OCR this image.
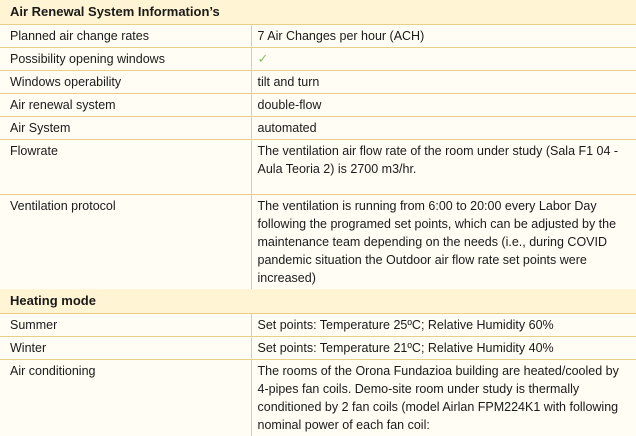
Air Renewal System Information’s	
Planned air change rates	7 Air Changes per hour (ACH)
Possibility opening windows	✓
Windows operability	tilt and turn
Air renewal system	double-flow
Air System	automated
Flowrate	The ventilation air flow rate of the room under study (Sala F1 04 - Aula Teoria 2) is 2700 m3/hr.
Ventilation protocol	The ventilation is running from 6:00 to 20:00 every Labor Day following the programed set points, which can be adjusted by the maintenance team depending on the needs (i.e., during COVID pandemic situation the Outdoor air flow rate set points were increased)
Heating mode	
Summer	Set points: Temperature 25ºC; Relative Humidity 60%
Winter	Set points: Temperature 21ºC; Relative Humidity 40%
Air conditioning	The rooms of the Orona Fundazioa building are heated/cooled by 4-pipes fan coils. Demo-site room under study is thermally conditioned by 2 fan coils (model Airlan FPM224K1 with following nominal power of each fan coil:
